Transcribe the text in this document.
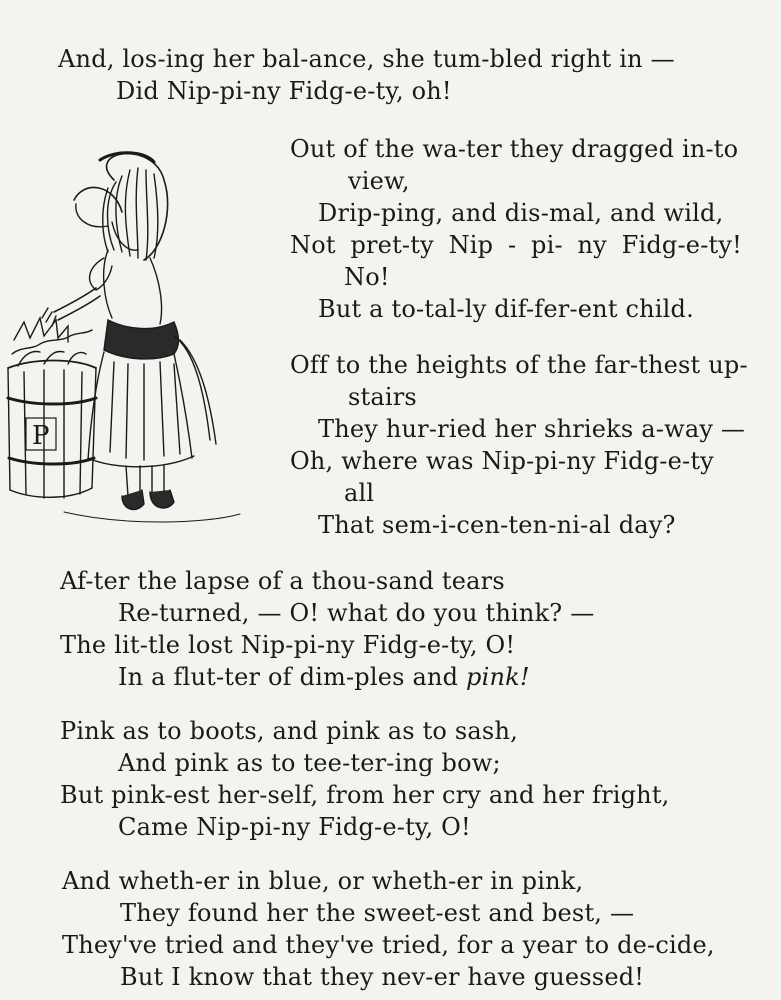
And, los-ing her bal-ance, she tum-bled right in —
Did Nip-pi-ny Fidg-e-ty, oh!
P
Out of the wa-ter they dragged in-to
view,
Drip-ping, and dis-mal, and wild,
Not pret-ty Nip - pi- ny Fidg-e-ty!
No!
But a to-tal-ly dif-fer-ent child.
Off to the heights of the far-thest up-
stairs
They hur-ried her shrieks a-way —
Oh, where was Nip-pi-ny Fidg-e-ty
all
That sem-i-cen-ten-ni-al day?
Af-ter the lapse of a thou-sand tears
Re-turned, — O! what do you think? —
The lit-tle lost Nip-pi-ny Fidg-e-ty, O!
In a flut-ter of dim-ples and pink!
Pink as to boots, and pink as to sash,
And pink as to tee-ter-ing bow;
But pink-est her-self, from her cry and her fright,
Came Nip-pi-ny Fidg-e-ty, O!
And wheth-er in blue, or wheth-er in pink,
They found her the sweet-est and best, —
They've tried and they've tried, for a year to de-cide,
But I know that they nev-er have guessed!
